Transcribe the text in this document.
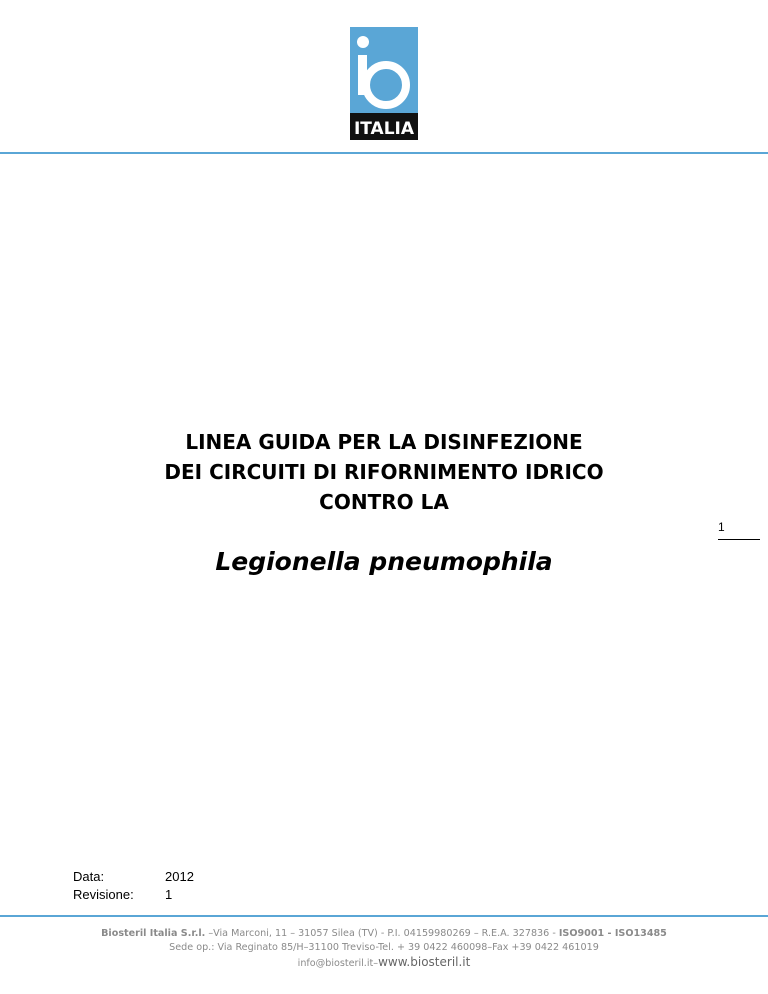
ITALIA
LINEA GUIDA PER LA DISINFEZIONE
DEI CIRCUITI DI RIFORNIMENTO IDRICO
CONTRO LA
Legionella pneumophila
1
Data:	2012
Revisione:	1
Biosteril Italia S.r.l. –Via Marconi, 11 – 31057 Silea (TV) - P.I. 04159980269 – R.E.A. 327836 - ISO9001 - ISO13485
Sede op.: Via Reginato 85/H–31100 Treviso-Tel. + 39 0422 460098–Fax +39 0422 461019
info@biosteril.it–www.biosteril.it
